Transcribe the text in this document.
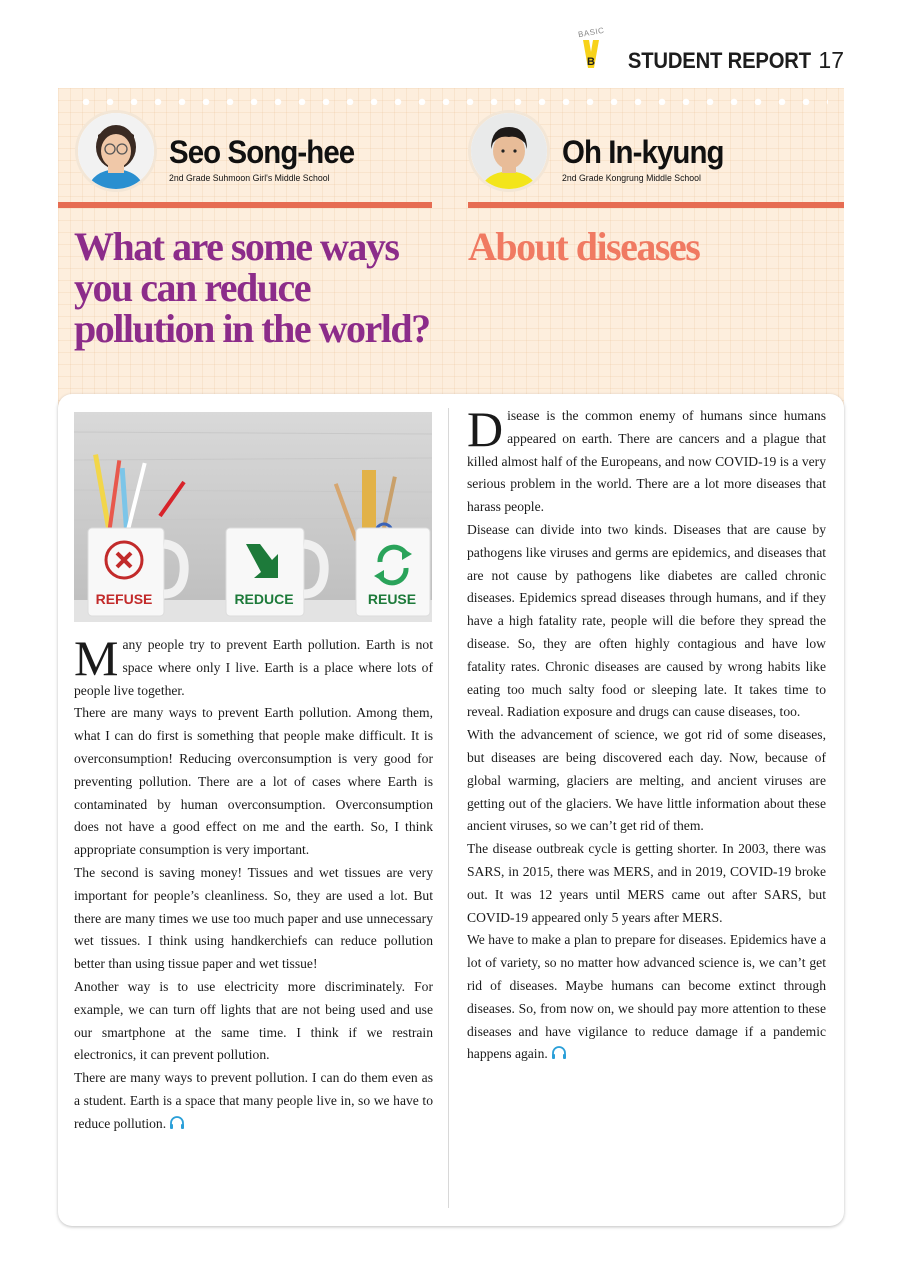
BASIC
B STUDENT REPORT 17
Seo Song-hee
2nd Grade Suhmoon Girl's Middle School
Oh In-kyung
2nd Grade Kongrung Middle School
What are some ways you can reduce pollution in the world?
About diseases
REFUSE	REDUCE	REUSE

Many people try to prevent Earth pollution. Earth is not space where only I live. Earth is a place where lots of people live together.

There are many ways to prevent Earth pollution. Among them, what I can do first is something that people make difficult. It is overconsumption! Reducing overconsumption is very good for preventing pollution. There are a lot of cases where Earth is contaminated by human overconsumption. Overconsumption does not have a good effect on me and the earth. So, I think appropriate consumption is very important.

The second is saving money! Tissues and wet tissues are very important for people’s cleanliness. So, they are used a lot. But there are many times we use too much paper and use unnecessary wet tissues. I think using handkerchiefs can reduce pollution better than using tissue paper and wet tissue!

Another way is to use electricity more discriminately. For example, we can turn off lights that are not being used and use our smartphone at the same time. I think if we restrain electronics, it can prevent pollution.

There are many ways to prevent pollution. I can do them even as a student. Earth is a space that many people live in, so we have to reduce pollution.

Disease is the common enemy of humans since humans appeared on earth. There are cancers and a plague that killed almost half of the Europeans, and now COVID-19 is a very serious problem in the world. There are a lot more diseases that harass people.

Disease can divide into two kinds. Diseases that are cause by pathogens like viruses and germs are epidemics, and diseases that are not cause by pathogens like diabetes are called chronic diseases. Epidemics spread diseases through humans, and if they have a high fatality rate, people will die before they spread the disease. So, they are often highly contagious and have low fatality rates. Chronic diseases are caused by wrong habits like eating too much salty food or sleeping late. It takes time to reveal. Radiation exposure and drugs can cause diseases, too.

With the advancement of science, we got rid of some diseases, but diseases are being discovered each day. Now, because of global warming, glaciers are melting, and ancient viruses are getting out of the glaciers. We have little information about these ancient viruses, so we can’t get rid of them.

The disease outbreak cycle is getting shorter. In 2003, there was SARS, in 2015, there was MERS, and in 2019, COVID-19 broke out. It was 12 years until MERS came out after SARS, but COVID-19 appeared only 5 years after MERS.

We have to make a plan to prepare for diseases. Epidemics have a lot of variety, so no matter how advanced science is, we can’t get rid of diseases. Maybe humans can become extinct through diseases. So, from now on, we should pay more attention to these diseases and have vigilance to reduce damage if a pandemic happens again.
